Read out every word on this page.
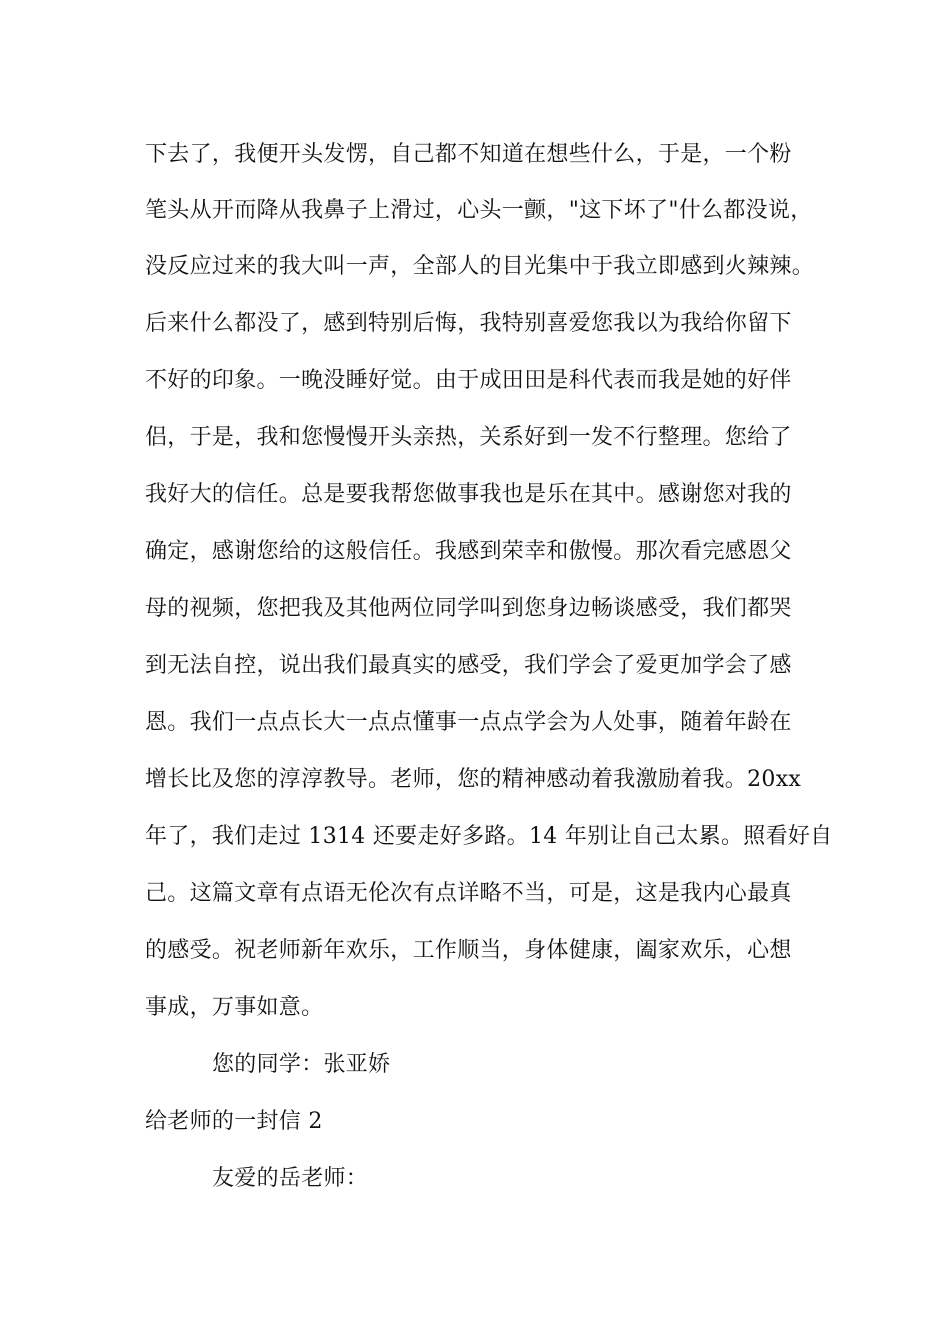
下去了，我便开头发愣，自己都不知道在想些什么，于是，一个粉
笔头从开而降从我鼻子上滑过，心头一颤，"这下坏了"什么都没说，
没反应过来的我大叫一声，全部人的目光集中于我立即感到火辣辣。
后来什么都没了，感到特别后悔，我特别喜爱您我以为我给你留下
不好的印象。一晚没睡好觉。由于成田田是科代表而我是她的好伴
侣，于是，我和您慢慢开头亲热，关系好到一发不行整理。您给了
我好大的信任。总是要我帮您做事我也是乐在其中。感谢您对我的
确定，感谢您给的这般信任。我感到荣幸和傲慢。那次看完感恩父
母的视频，您把我及其他两位同学叫到您身边畅谈感受，我们都哭
到无法自控，说出我们最真实的感受，我们学会了爱更加学会了感
恩。我们一点点长大一点点懂事一点点学会为人处事，随着年龄在
增长比及您的淳淳教导。老师，您的精神感动着我激励着我。20xx
年了，我们走过 1314 还要走好多路。14 年别让自己太累。照看好自
己。这篇文章有点语无伦次有点详略不当，可是，这是我内心最真
的感受。祝老师新年欢乐，工作顺当，身体健康，阖家欢乐，心想
事成，万事如意。
您的同学：张亚娇
给老师的一封信 2
友爱的岳老师：
